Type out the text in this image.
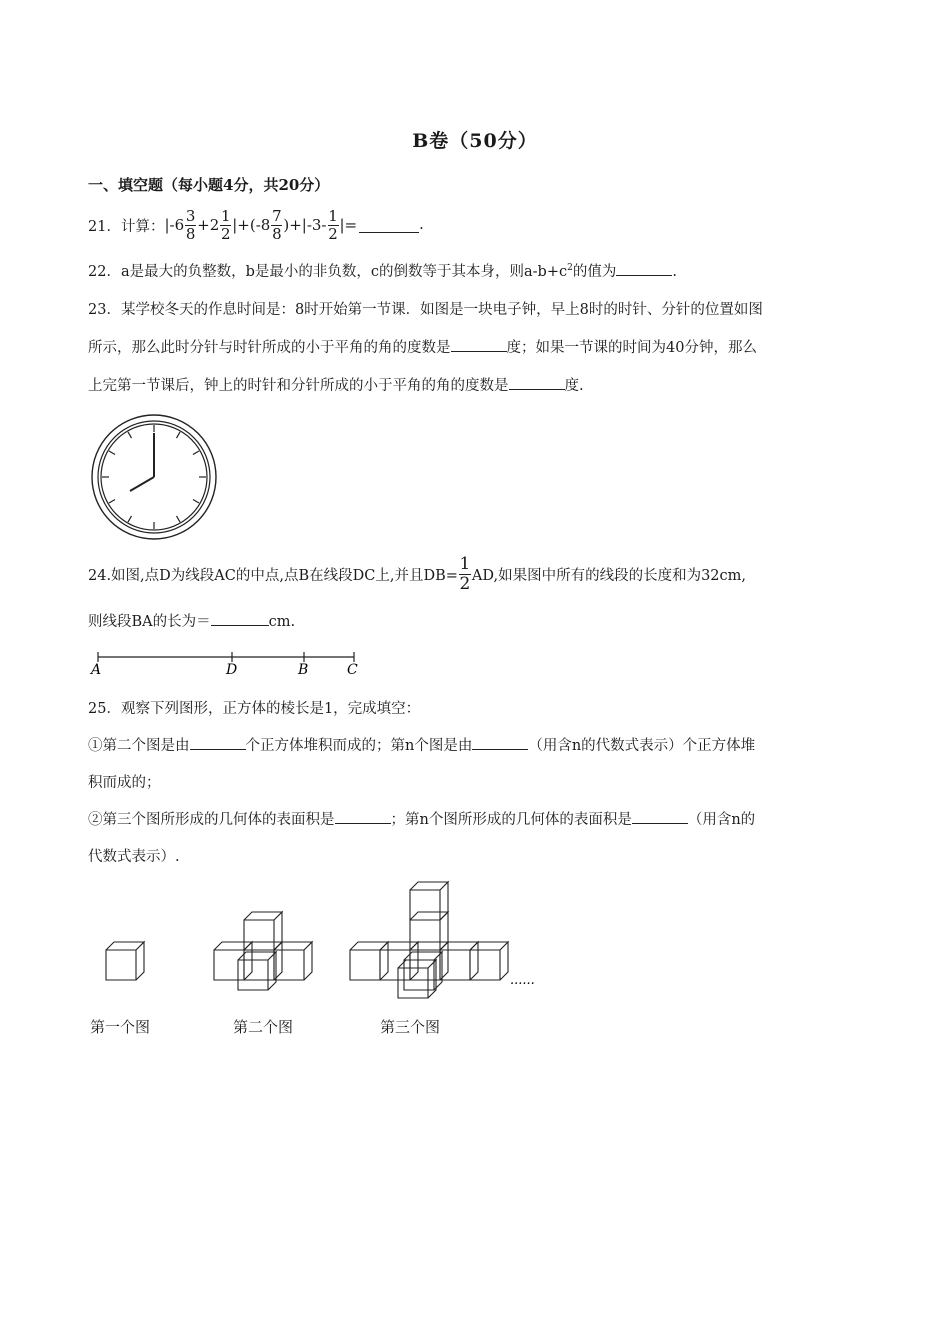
B卷（50分）
一、填空题（每小题4分，共20分）
21．计算： $|-6 \frac{3}{8} +2 \frac{1}{2} |+(-8 \frac{7}{8} )+|-3- \frac{1}{2}$ |=	.
22．a是最大的负整数，b是最小的非负数，c的倒数等于其本身，则$a-b+c^2$的值为	.
23．某学校冬天的作息时间是：8时开始第一节课．如图是一块电子钟，早上8时的时针、分针的位置如图
所示，那么此时分针与时针所成的小于平角的角的度数是	度；如果一节课的时间为40分钟，那么
上完第一节课后，钟上的时针和分针所成的小于平角的角的度数是	度.
24.如图,点D为线段AC的中点,点B在线段DC上,并且$DB= \frac{1}{2}$ AD,如果图中所有的线段的长度和为32cm,
则线段BA的长为＝	cm.
A	D	B	C
25．观察下列图形，正方体的棱长是1，完成填空：
①第二个图是由	个正方体堆积而成的；第n个图是由	（用含n的代数式表示）个正方体堆
积而成的；
②第三个图所形成的几何体的表面积是	；第n个图所形成的几何体的表面积是	（用含n的
代数式表示）.
......
第一个图	第二个图	第三个图
